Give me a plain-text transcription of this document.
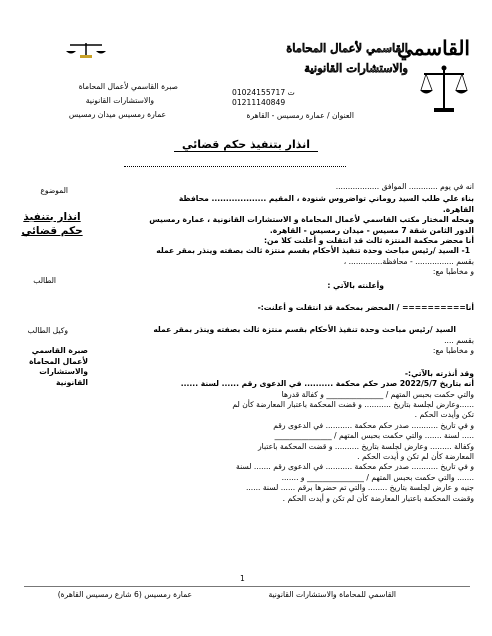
القاسمي
القاسمي لأعمال المحاماة
والاستشارات القانونية
01024155717 ت
01211140849
العنوان / عمارة رمسيس - القاهرة
صبرة القاسمي لأعمال المحاماة
والاستشارات القانونية
عمارة رمسيس ميدان رمسيس
انذار بتنفيذ حكم قضائي
الموضوع
انذار بتنفيذ حكم قضائي
الطالب
وكيل الطالب
صبرة القاسمي لأعمال المحاماة والاستشارات القانونية
انه في يوم ............ الموافق ..................
بناء علي طلب السيد روماني تواضروس شنودة ، المقيم ................... محافظة
القاهرة.
ومحله المختار مكتب القاسمي لأعمال المحاماة و الاستشارات القانونية ، عمارة رمسيس
الدور الثامن شقة 7 مسيس - ميدان رمسيس - القاهرة.
أنا محضر محكمة المنتزة ثالث قد انتقلت و أعلنت كلا من:
1- السيد /رئيس مباحث وحدة تنفيذ الأحكام بقسم منتزة ثالث بصفته وينذر بمقر عمله
بقسم ................ - محافظة.............. ،
و مخاطبا مع:
وأعلنته بالآتي :
أنا========== / المحضر بمحكمة قد انتقلت و أعلنت:-
السيد /رئيس مباحث وحدة تنفيذ الأحكام بقسم منتزة ثالث بصفته وينذر بمقر عمله
بقسم ....
و مخاطبا مع:
وقد أنذرته بالآتي:-
أنه بتاريخ 2022/5/7 صدر حكم محكمة .......... في الدعوى رقم ...... لسنة ......
والتي حكمت بحبس المتهم / _______________ و كفالة قدرها
......وعارض لجلسة بتاريخ ........... و قضت المحكمة باعتبار المعارضة كأن لم
تكن وأيدت الحكم .
و في تاريخ ........... صدر حكم محكمة ........... في الدعوى رقم
..... لسنة ....... والتي حكمت بحبس المتهم / _______________
وكفالة ......... وعارض لجلسة بتاريخ .......... و قضت المحكمة باعتبار
المعارضة كأن لم تكن و أيدت الحكم .
و في تاريخ ........... صدر حكم محكمة ........... في الدعوى رقم ....... لسنة
....... والتي حكمت بحبس المتهم / _______________ و .......
جنيه و عارض لجلسة بتاريخ ........ والتي تم حضرها برقم ...... لسنة ......
وقضت المحكمة باعتبار المعارضة كأن لم تكن و أيدت الحكم .
1
القاسمي للمحاماة والاستشارات القانونية
عمارة رمسيس (6 شارع رمسيس القاهرة)
